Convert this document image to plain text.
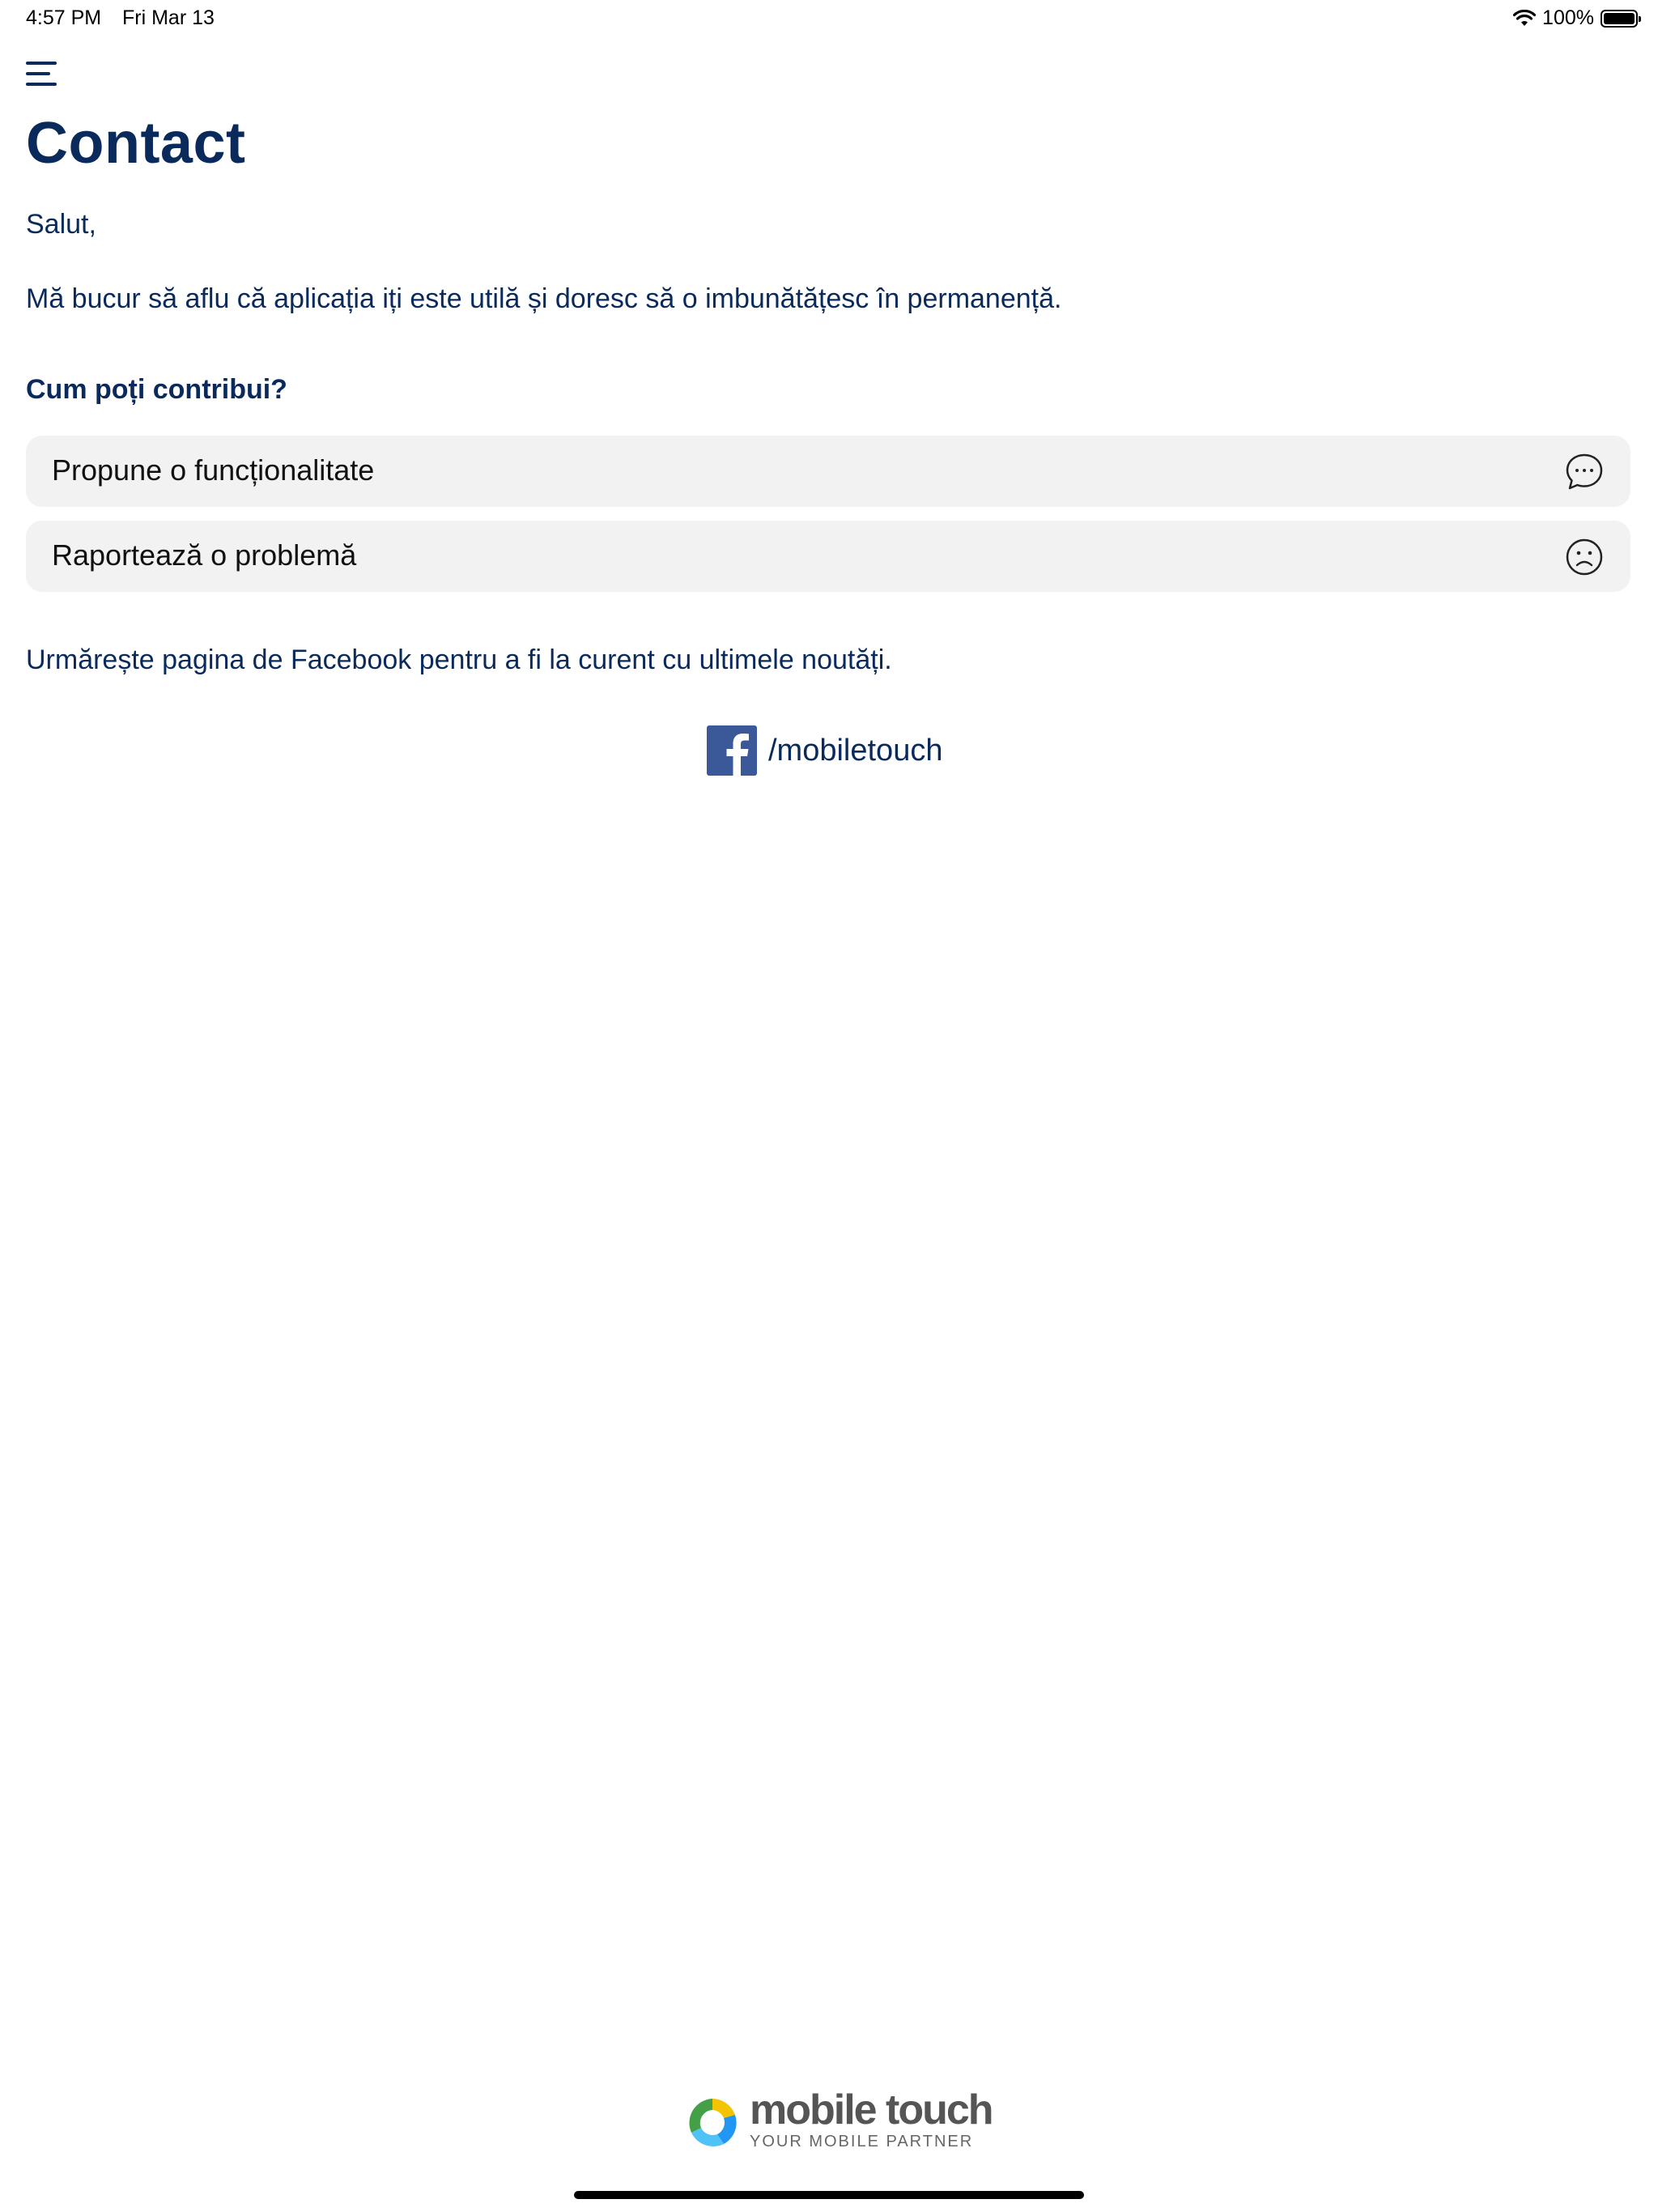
4:57 PM Fri Mar 13	100%
Contact
Salut,
Mă bucur să aflu că aplicația iți este utilă și doresc să o imbunătățesc în permanență.
Cum poți contribui?
Propune o funcționalitate
Raportează o problemă
Urmărește pagina de Facebook pentru a fi la curent cu ultimele noutăți.
/mobiletouch
mobile touch
YOUR MOBILE PARTNER
